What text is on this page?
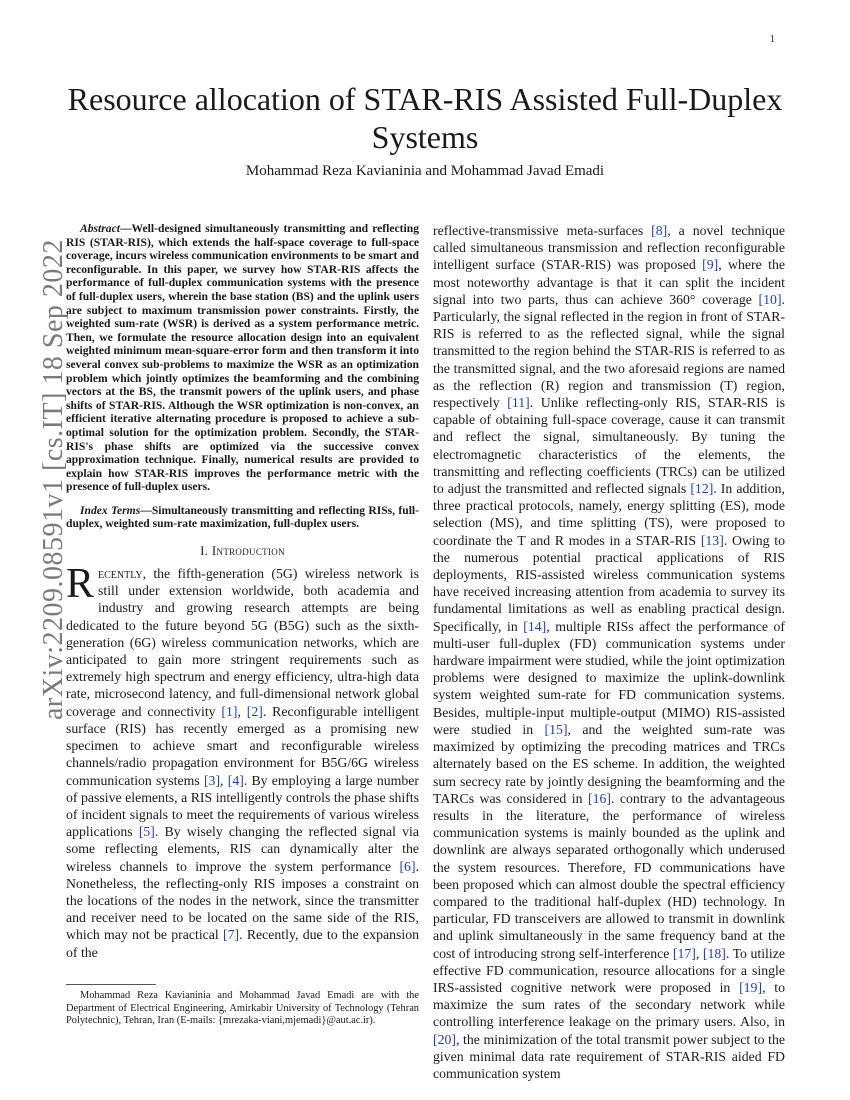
1
arXiv:2209.08591v1 [cs.IT] 18 Sep 2022
Resource allocation of STAR-RIS Assisted Full-Duplex Systems
Mohammad Reza Kavianinia and Mohammad Javad Emadi

Abstract—Well-designed simultaneously transmitting and reflecting RIS (STAR-RIS), which extends the half-space coverage to full-space coverage, incurs wireless communication environments to be smart and reconfigurable. In this paper, we survey how STAR-RIS affects the performance of full-duplex communication systems with the presence of full-duplex users, wherein the base station (BS) and the uplink users are subject to maximum transmission power constraints. Firstly, the weighted sum-rate (WSR) is derived as a system performance metric. Then, we formulate the resource allocation design into an equivalent weighted minimum mean-square-error form and then transform it into several convex sub-problems to maximize the WSR as an optimization problem which jointly optimizes the beamforming and the combining vectors at the BS, the transmit powers of the uplink users, and phase shifts of STAR-RIS. Although the WSR optimization is non-convex, an efficient iterative alternating procedure is proposed to achieve a sub-optimal solution for the optimization problem. Secondly, the STAR-RIS's phase shifts are optimized via the successive convex approximation technique. Finally, numerical results are provided to explain how STAR-RIS improves the performance metric with the presence of full-duplex users.

Index Terms—Simultaneously transmitting and reflecting RISs, full-duplex, weighted sum-rate maximization, full-duplex users.

I. Introduction

Recently, the fifth-generation (5G) wireless network is still under extension worldwide, both academia and industry and growing research attempts are being dedicated to the future beyond 5G (B5G) such as the sixth-generation (6G) wireless communication networks, which are anticipated to gain more stringent requirements such as extremely high spectrum and energy efficiency, ultra-high data rate, microsecond latency, and full-dimensional network global coverage and connectivity [1], [2]. Reconfigurable intelligent surface (RIS) has recently emerged as a promising new specimen to achieve smart and reconfigurable wireless channels/radio propagation environment for B5G/6G wireless communication systems [3], [4]. By employing a large number of passive elements, a RIS intelligently controls the phase shifts of incident signals to meet the requirements of various wireless applications [5]. By wisely changing the reflected signal via some reflecting elements, RIS can dynamically alter the wireless channels to improve the system performance [6]. Nonetheless, the reflecting-only RIS imposes a constraint on the locations of the nodes in the network, since the transmitter and receiver need to be located on the same side of the RIS, which may not be practical [7]. Recently, due to the expansion of the

reflective-transmissive meta-surfaces [8], a novel technique called simultaneous transmission and reflection reconfigurable intelligent surface (STAR-RIS) was proposed [9], where the most noteworthy advantage is that it can split the incident signal into two parts, thus can achieve 360° coverage [10]. Particularly, the signal reflected in the region in front of STAR-RIS is referred to as the reflected signal, while the signal transmitted to the region behind the STAR-RIS is referred to as the transmitted signal, and the two aforesaid regions are named as the reflection (R) region and transmission (T) region, respectively [11]. Unlike reflecting-only RIS, STAR-RIS is capable of obtaining full-space coverage, cause it can transmit and reflect the signal, simultaneously. By tuning the electromagnetic characteristics of the elements, the transmitting and reflecting coefficients (TRCs) can be utilized to adjust the transmitted and reflected signals [12]. In addition, three practical protocols, namely, energy splitting (ES), mode selection (MS), and time splitting (TS), were proposed to coordinate the T and R modes in a STAR-RIS [13]. Owing to the numerous potential practical applications of RIS deployments, RIS-assisted wireless communication systems have received increasing attention from academia to survey its fundamental limitations as well as enabling practical design. Specifically, in [14], multiple RISs affect the performance of multi-user full-duplex (FD) communication systems under hardware impairment were studied, while the joint optimization problems were designed to maximize the uplink-downlink system weighted sum-rate for FD communication systems. Besides, multiple-input multiple-output (MIMO) RIS-assisted were studied in [15], and the weighted sum-rate was maximized by optimizing the precoding matrices and TRCs alternately based on the ES scheme. In addition, the weighted sum secrecy rate by jointly designing the beamforming and the TARCs was considered in [16]. contrary to the advantageous results in the literature, the performance of wireless communication systems is mainly bounded as the uplink and downlink are always separated orthogonally which underused the system resources. Therefore, FD communications have been proposed which can almost double the spectral efficiency compared to the traditional half-duplex (HD) technology. In particular, FD transceivers are allowed to transmit in downlink and uplink simultaneously in the same frequency band at the cost of introducing strong self-interference [17], [18]. To utilize effective FD communication, resource allocations for a single IRS-assisted cognitive network were proposed in [19], to maximize the sum rates of the secondary network while controlling interference leakage on the primary users. Also, in [20], the minimization of the total transmit power subject to the given minimal data rate requirement of STAR-RIS aided FD communication system

Mohammad Reza Kavianinia and Mohammad Javad Emadi are with the Department of Electrical Engineering, Amirkabir University of Technology (Tehran Polytechnic), Tehran, Iran (E-mails: {mrezaka-viani,mjemadi}@aut.ac.ir).
